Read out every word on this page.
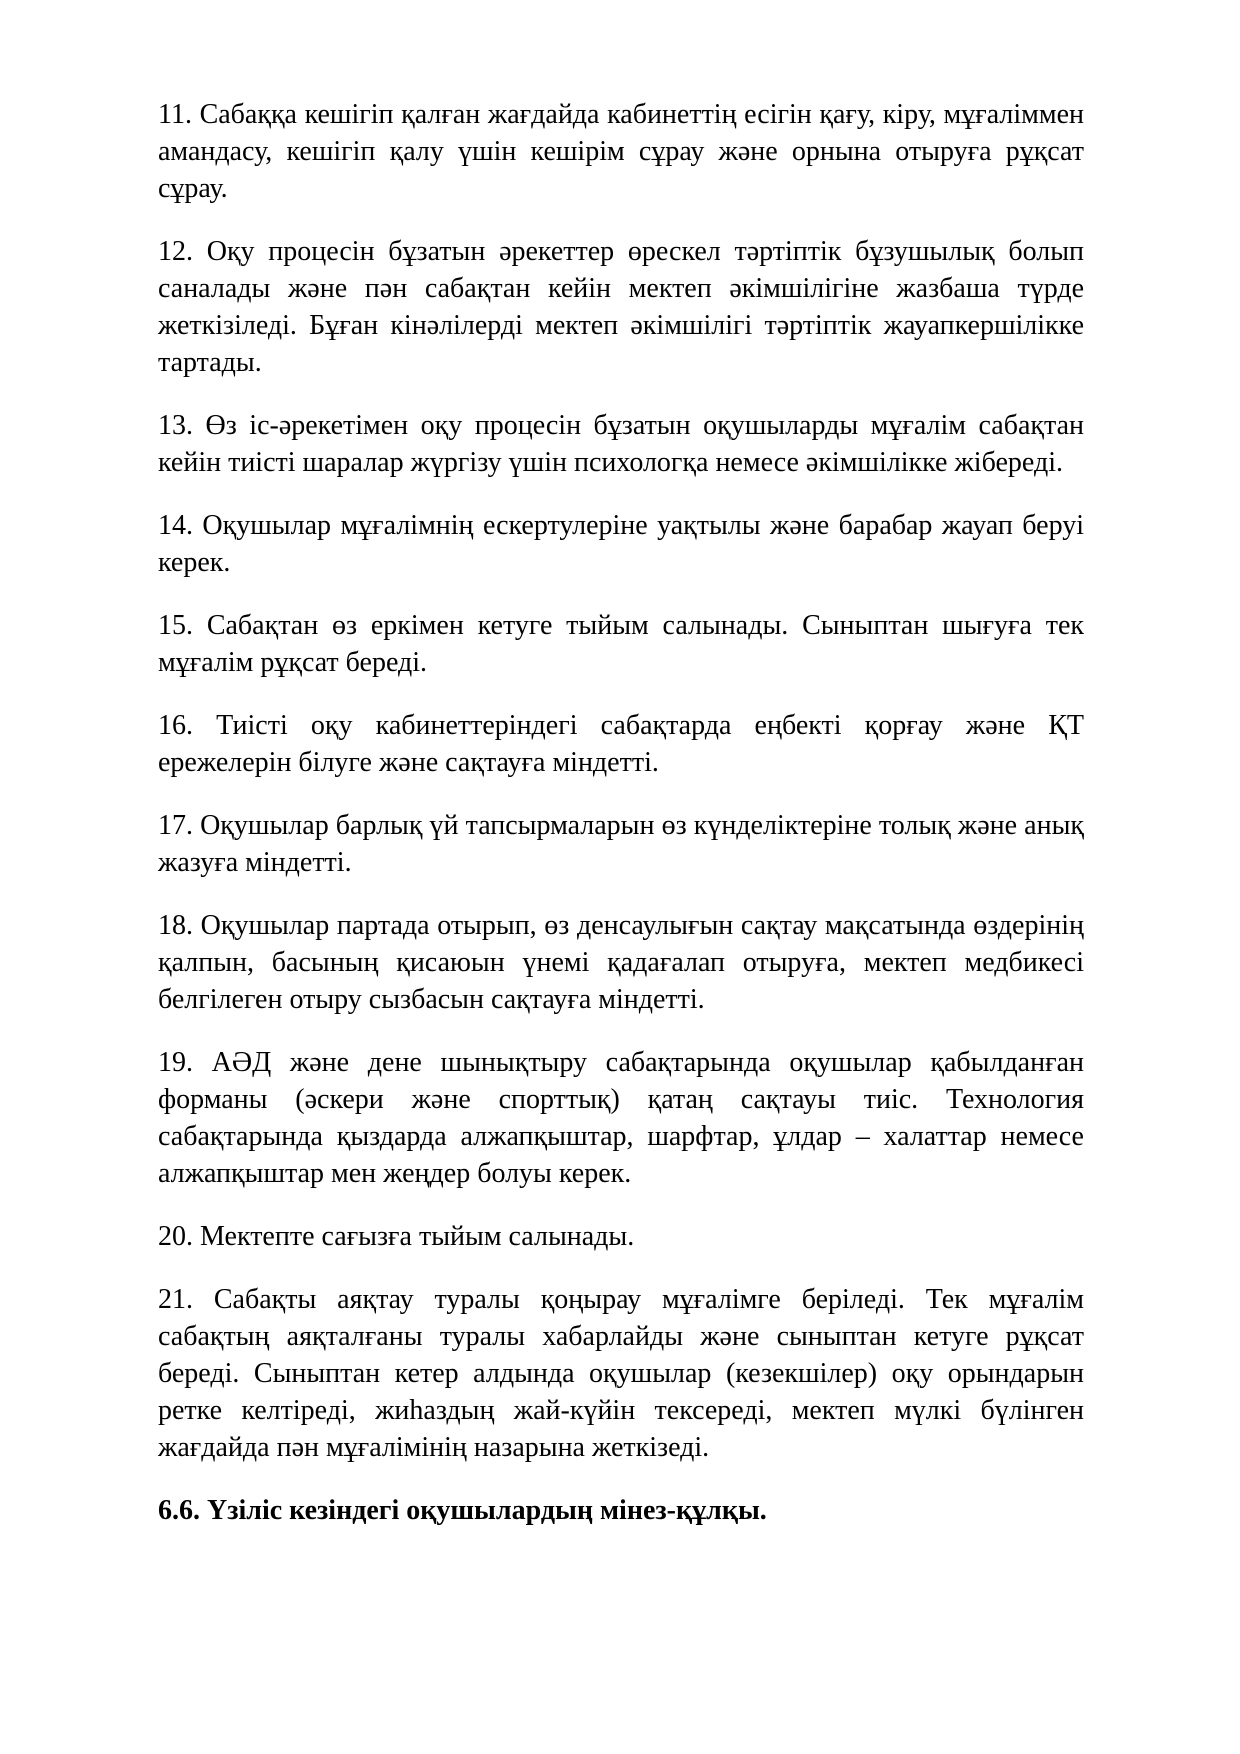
11. Сабаққа кешігіп қалған жағдайда кабинеттің есігін қағу, кіру, мұғаліммен амандасу, кешігіп қалу үшін кешірім сұрау және орнына отыруға рұқсат сұрау.

12. Оқу процесін бұзатын әрекеттер өрескел тәртіптік бұзушылық болып саналады және пән сабақтан кейін мектеп әкімшілігіне жазбаша түрде жеткізіледі. Бұған кінәлілерді мектеп әкімшілігі тәртіптік жауапкершілікке тартады.

13. Өз іс-әрекетімен оқу процесін бұзатын оқушыларды мұғалім сабақтан кейін тиісті шаралар жүргізу үшін психологқа немесе әкімшілікке жібереді.

14. Оқушылар мұғалімнің ескертулеріне уақтылы және барабар жауап беруі керек.

15. Сабақтан өз еркімен кетуге тыйым салынады. Сыныптан шығуға тек мұғалім рұқсат береді.

16. Тиісті оқу кабинеттеріндегі сабақтарда еңбекті қорғау және ҚТ ережелерін білуге және сақтауға міндетті.

17. Оқушылар барлық үй тапсырмаларын өз күнделіктеріне толық және анық жазуға міндетті.

18. Оқушылар партада отырып, өз денсаулығын сақтау мақсатында өздерінің қалпын, басының қисаюын үнемі қадағалап отыруға, мектеп медбикесі белгілеген отыру сызбасын сақтауға міндетті.

19. АӘД және дене шынықтыру сабақтарында оқушылар қабылданған форманы (әскери және спорттық) қатаң сақтауы тиіс. Технология сабақтарында қыздарда алжапқыштар, шарфтар, ұлдар – халаттар немесе алжапқыштар мен жеңдер болуы керек.

20. Мектепте сағызға тыйым салынады.

21. Сабақты аяқтау туралы қоңырау мұғалімге беріледі. Тек мұғалім сабақтың аяқталғаны туралы хабарлайды және сыныптан кетуге рұқсат береді. Сыныптан кетер алдында оқушылар (кезекшілер) оқу орындарын ретке келтіреді, жиһаздың жай-күйін тексереді, мектеп мүлкі бүлінген жағдайда пән мұғалімінің назарына жеткізеді.

6.6. Үзіліс кезіндегі оқушылардың мінез-құлқы.
